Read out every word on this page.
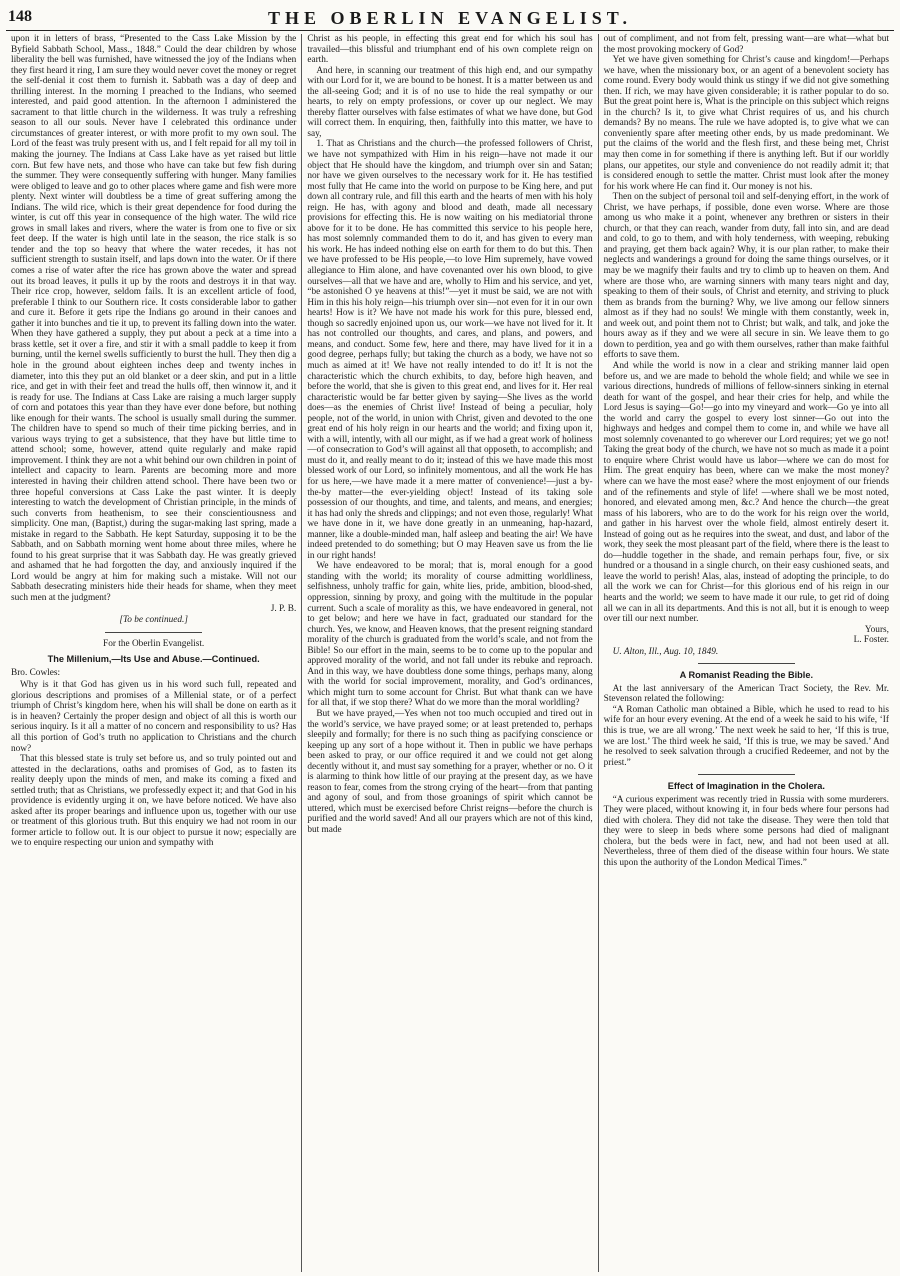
148	THE OBERLIN EVANGELIST.

upon it in letters of brass, “Presented to the Cass Lake Mission by the Byfield Sabbath School, Mass., 1848.” Could the dear children by whose liberality the bell was furnished, have witnessed the joy of the Indians when they first heard it ring, I am sure they would never covet the money or regret the self-denial it cost them to furnish it. Sabbath was a day of deep and thrilling interest. In the morning I preached to the Indians, who seemed interested, and paid good attention. In the afternoon I administered the sacrament to that little church in the wilderness. It was truly a refreshing season to all our souls. Never have I celebrated this ordinance under circumstances of greater interest, or with more profit to my own soul. The Lord of the feast was truly present with us, and I felt repaid for all my toil in making the journey. The Indians at Cass Lake have as yet raised but little corn. But few have nets, and those who have can take but few fish during the summer. They were consequently suffering with hunger. Many families were obliged to leave and go to other places where game and fish were more plenty. Next winter will doubtless be a time of great suffering among the Indians. The wild rice, which is their great dependence for food during the winter, is cut off this year in consequence of the high water. The wild rice grows in small lakes and rivers, where the water is from one to five or six feet deep. If the water is high until late in the season, the rice stalk is so tender and the top so heavy that where the water recedes, it has not sufficient strength to sustain itself, and laps down into the water. Or if there comes a rise of water after the rice has grown above the water and spread out its broad leaves, it pulls it up by the roots and destroys it in that way. Their rice crop, however, seldom fails. It is an excellent article of food, preferable I think to our Southern rice. It costs considerable labor to gather and cure it. Before it gets ripe the Indians go around in their canoes and gather it into bunches and tie it up, to prevent its falling down into the water. When they have gathered a supply, they put about a peck at a time into a brass kettle, set it over a fire, and stir it with a small paddle to keep it from burning, until the kernel swells sufficiently to burst the hull. They then dig a hole in the ground about eighteen inches deep and twenty inches in diameter, into this they put an old blanket or a deer skin, and put in a little rice, and get in with their feet and tread the hulls off, then winnow it, and it is ready for use. The Indians at Cass Lake are raising a much larger supply of corn and potatoes this year than they have ever done before, but nothing like enough for their wants. The school is usually small during the summer. The children have to spend so much of their time picking berries, and in various ways trying to get a subsistence, that they have but little time to attend school; some, however, attend quite regularly and make rapid improvement. I think they are not a whit behind our own children in point of intellect and capacity to learn. Parents are becoming more and more interested in having their children attend school. There have been two or three hopeful conversions at Cass Lake the past winter. It is deeply interesting to watch the development of Christian principle, in the minds of such converts from heathenism, to see their conscientiousness and simplicity. One man, (Baptist,) during the sugar-making last spring, made a mistake in regard to the Sabbath. He kept Saturday, supposing it to be the Sabbath, and on Sabbath morning went home about three miles, where he found to his great surprise that it was Sabbath day. He was greatly grieved and ashamed that he had forgotten the day, and anxiously inquired if the Lord would be angry at him for making such a mistake. Will not our Sabbath desecrating ministers hide their heads for shame, when they meet such men at the judgment?

J. P. B.
[To be continued.]
For the Oberlin Evangelist.
The Millenium,—Its Use and Abuse.—Continued.
Bro. Cowles:

Why is it that God has given us in his word such full, repeated and glorious descriptions and promises of a Millenial state, or of a perfect triumph of Christ’s kingdom here, when his will shall be done on earth as it is in heaven? Certainly the proper design and object of all this is worth our serious inquiry. Is it all a matter of no concern and responsibility to us? Has all this portion of God’s truth no application to Christians and the church now?

That this blessed state is truly set before us, and so truly pointed out and attested in the declarations, oaths and promises of God, as to fasten its reality deeply upon the minds of men, and make its coming a fixed and settled truth; that as Christians, we professedly expect it; and that God in his providence is evidently urging it on, we have before noticed. We have also asked after its proper bearings and influence upon us, together with our use or treatment of this glorious truth. But this enquiry we had not room in our former article to follow out. It is our object to pursue it now; especially are we to enquire respecting our union and sympathy with

Christ as his people, in effecting this great end for which his soul has travailed—this blissful and triumphant end of his own complete reign on earth.

And here, in scanning our treatment of this high end, and our sympathy with our Lord for it, we are bound to be honest. It is a matter between us and the all-seeing God; and it is of no use to hide the real sympathy or our hearts, to rely on empty professions, or cover up our neglect. We may thereby flatter ourselves with false estimates of what we have done, but God will correct them. In enquiring, then, faithfully into this matter, we have to say,

1. That as Christians and the church—the professed followers of Christ, we have not sympathized with Him in his reign—have not made it our object that He should have the kingdom, and triumph over sin and Satan; nor have we given ourselves to the necessary work for it. He has testified most fully that He came into the world on purpose to be King here, and put down all contrary rule, and fill this earth and the hearts of men with his holy reign. He has, with agony and blood and death, made all necessary provisions for effecting this. He is now waiting on his mediatorial throne above for it to be done. He has committed this service to his people here, has most solemnly commanded them to do it, and has given to every man his work. He has indeed nothing else on earth for them to do but this. Then we have professed to be His people,—to love Him supremely, have vowed allegiance to Him alone, and have covenanted over his own blood, to give ourselves—all that we have and are, wholly to Him and his service, and yet, “be astonished O ye heavens at this!”—yet it must be said, we are not with Him in this his holy reign—his triumph over sin—not even for it in our own hearts! How is it? We have not made his work for this pure, blessed end, though so sacredly enjoined upon us, our work—we have not lived for it. It has not controlled our thoughts, and cares, and plans, and powers, and means, and conduct. Some few, here and there, may have lived for it in a good degree, perhaps fully; but taking the church as a body, we have not so much as aimed at it! We have not really intended to do it! It is not the characteristic which the church exhibits, to day, before high heaven, and before the world, that she is given to this great end, and lives for it. Her real characteristic would be far better given by saying—She lives as the world does—as the enemies of Christ live! Instead of being a peculiar, holy people, not of the world, in union with Christ, given and devoted to the one great end of his holy reign in our hearts and the world; and fixing upon it, with a will, intently, with all our might, as if we had a great work of holiness—of consecration to God’s will against all that opposeth, to accomplish; and must do it, and really meant to do it; instead of this we have made this most blessed work of our Lord, so infinitely momentous, and all the work He has for us here,—we have made it a mere matter of convenience!—just a by-the-by matter—the ever-yielding object! Instead of its taking sole possession of our thoughts, and time, and talents, and means, and energies; it has had only the shreds and clippings; and not even those, regularly! What we have done in it, we have done greatly in an unmeaning, hap-hazard, manner, like a double-minded man, half asleep and beating the air! We have indeed pretended to do something; but O may Heaven save us from the lie in our right hands!

We have endeavored to be moral; that is, moral enough for a good standing with the world; its morality of course admitting worldliness, selfishness, unholy traffic for gain, white lies, pride, ambition, blood-shed, oppression, sinning by proxy, and going with the multitude in the popular current. Such a scale of morality as this, we have endeavored in general, not to get below; and here we have in fact, graduated our standard for the church. Yes, we know, and Heaven knows, that the present reigning standard morality of the church is graduated from the world’s scale, and not from the Bible! So our effort in the main, seems to be to come up to the popular and approved morality of the world, and not fall under its rebuke and reproach. And in this way, we have doubtless done some things, perhaps many, along with the world for social improvement, morality, and God’s ordinances, which might turn to some account for Christ. But what thank can we have for all that, if we stop there? What do we more than the moral worldling?

But we have prayed,—Yes when not too much occupied and tired out in the world’s service, we have prayed some; or at least pretended to, perhaps sleepily and formally; for there is no such thing as pacifying conscience or keeping up any sort of a hope without it. Then in public we have perhaps been asked to pray, or our office required it and we could not get along decently without it, and must say something for a prayer, whether or no. O it is alarming to think how little of our praying at the present day, as we have reason to fear, comes from the strong crying of the heart—from that panting and agony of soul, and from those groanings of spirit which cannot be uttered, which must be exercised before Christ reigns—before the church is purified and the world saved! And all our prayers which are not of this kind, but made

out of compliment, and not from felt, pressing want—are what—what but the most provoking mockery of God?

Yet we have given something for Christ’s cause and kingdom!—Perhaps we have, when the missionary box, or an agent of a benevolent society has come round. Every body would think us stingy if we did not give something then. If rich, we may have given considerable; it is rather popular to do so. But the great point here is, What is the principle on this subject which reigns in the church? Is it, to give what Christ requires of us, and his church demands? By no means. The rule we have adopted is, to give what we can conveniently spare after meeting other ends, by us made predominant. We put the claims of the world and the flesh first, and these being met, Christ may then come in for something if there is anything left. But if our worldly plans, our appetites, our style and convenience do not readily admit it; that is considered enough to settle the matter. Christ must look after the money for his work where He can find it. Our money is not his.

Then on the subject of personal toil and self-denying effort, in the work of Christ, we have perhaps, if possible, done even worse. Where are those among us who make it a point, whenever any brethren or sisters in their church, or that they can reach, wander from duty, fall into sin, and are dead and cold, to go to them, and with holy tenderness, with weeping, rebuking and praying, get them back again? Why, it is our plan rather, to make their neglects and wanderings a ground for doing the same things ourselves, or it may be we magnify their faults and try to climb up to heaven on them. And where are those who, are warning sinners with many tears night and day, speaking to them of their souls, of Christ and eternity, and striving to pluck them as brands from the burning? Why, we live among our fellow sinners almost as if they had no souls! We mingle with them constantly, week in, and week out, and point them not to Christ; but walk, and talk, and joke the hours away as if they and we were all secure in sin. We leave them to go down to perdition, yea and go with them ourselves, rather than make faithful efforts to save them.

And while the world is now in a clear and striking manner laid open before us, and we are made to behold the whole field; and while we see in various directions, hundreds of millions of fellow-sinners sinking in eternal death for want of the gospel, and hear their cries for help, and while the Lord Jesus is saying—Go!—go into my vineyard and work—Go ye into all the world and carry the gospel to every lost sinner—Go out into the highways and hedges and compel them to come in, and while we have all most solemnly covenanted to go wherever our Lord requires; yet we go not! Taking the great body of the church, we have not so much as made it a point to enquire where Christ would have us labor—where we can do most for Him. The great enquiry has been, where can we make the most money? where can we have the most ease? where the most enjoyment of our friends and of the refinements and style of life! —where shall we be most noted, honored, and elevated among men, &c.? And hence the church—the great mass of his laborers, who are to do the work for his reign over the world, and gather in his harvest over the whole field, almost entirely desert it. Instead of going out as he requires into the sweat, and dust, and labor of the work, they seek the most pleasant part of the field, where there is the least to do—huddle together in the shade, and remain perhaps four, five, or six hundred or a thousand in a single church, on their easy cushioned seats, and leave the world to perish! Alas, alas, instead of adopting the principle, to do all the work we can for Christ—for this glorious end of his reign in our hearts and the world; we seem to have made it our rule, to get rid of doing all we can in all its departments. And this is not all, but it is enough to weep over till our next number.

Yours,
L. Foster.
U. Alton, Ill., Aug. 10, 1849.
A Romanist Reading the Bible.

At the last anniversary of the American Tract Society, the Rev. Mr. Stevenson related the following:

“A Roman Catholic man obtained a Bible, which he used to read to his wife for an hour every evening. At the end of a week he said to his wife, ‘If this is true, we are all wrong.’ The next week he said to her, ‘If this is true, we are lost.’ The third week he said, ‘If this is true, we may be saved.’ And he resolved to seek salvation through a crucified Redeemer, and not by the priest.”

Effect of Imagination in the Cholera.

“A curious experiment was recently tried in Russia with some murderers. They were placed, without knowing it, in four beds where four persons had died with cholera. They did not take the disease. They were then told that they were to sleep in beds where some persons had died of malignant cholera, but the beds were in fact, new, and had not been used at all. Nevertheless, three of them died of the disease within four hours. We state this upon the authority of the London Medical Times.”
